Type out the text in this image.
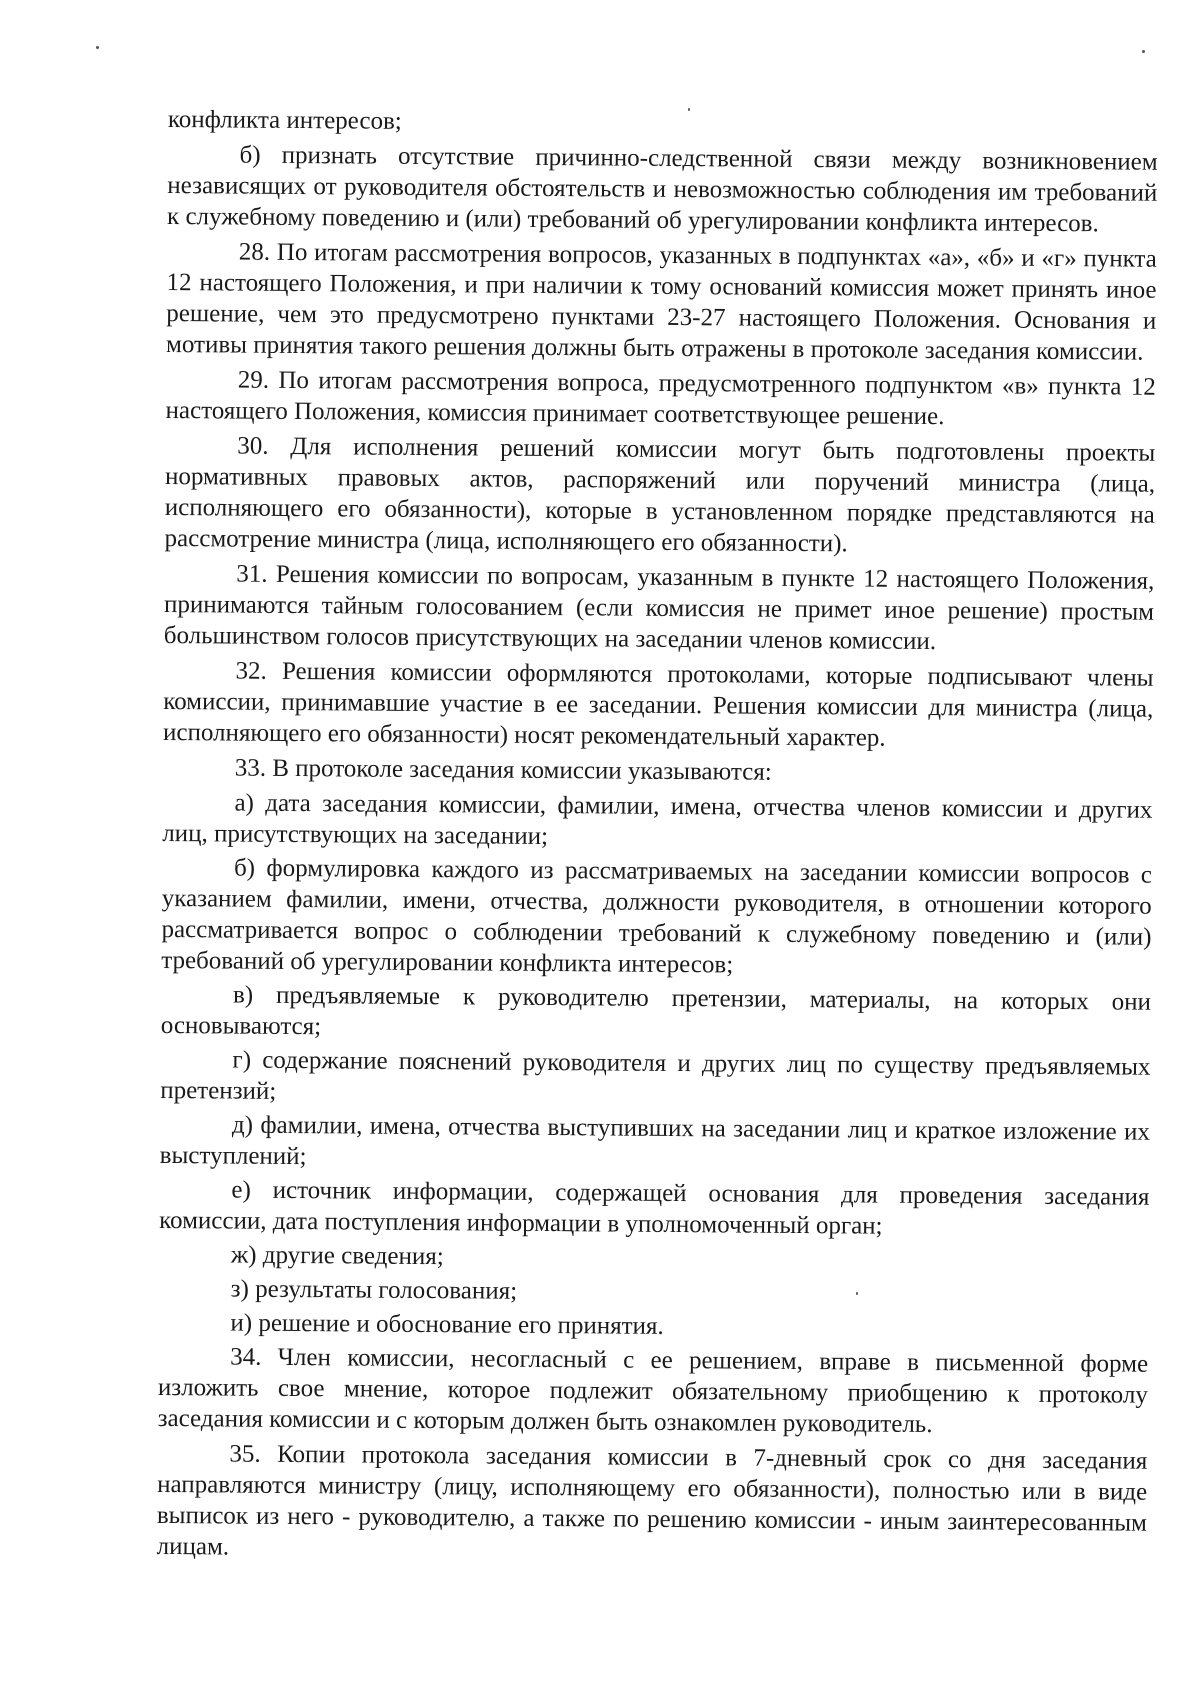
конфликта интересов;

б) признать отсутствие причинно-следственной связи между возникновением независящих от руководителя обстоятельств и невозможностью соблюдения им требований к служебному поведению и (или) требований об урегулировании конфликта интересов.

28. По итогам рассмотрения вопросов, указанных в подпунктах «а», «б» и «г» пункта 12 настоящего Положения, и при наличии к тому оснований комиссия может принять иное решение, чем это предусмотрено пунктами 23-27 настоящего Положения. Основания и мотивы принятия такого решения должны быть отражены в протоколе заседания комиссии.

29. По итогам рассмотрения вопроса, предусмотренного подпунктом «в» пункта 12 настоящего Положения, комиссия принимает соответствующее решение.

30. Для исполнения решений комиссии могут быть подготовлены проекты нормативных правовых актов, распоряжений или поручений министра (лица, исполняющего его обязанности), которые в установленном порядке представляются на рассмотрение министра (лица, исполняющего его обязанности).

31. Решения комиссии по вопросам, указанным в пункте 12 настоящего Положения, принимаются тайным голосованием (если комиссия не примет иное решение) простым большинством голосов присутствующих на заседании членов комиссии.

32. Решения комиссии оформляются протоколами, которые подписывают члены комиссии, принимавшие участие в ее заседании. Решения комиссии для министра (лица, исполняющего его обязанности) носят рекомендательный характер.

33. В протоколе заседания комиссии указываются:

а) дата заседания комиссии, фамилии, имена, отчества членов комиссии и других лиц, присутствующих на заседании;

б) формулировка каждого из рассматриваемых на заседании комиссии вопросов с указанием фамилии, имени, отчества, должности руководителя, в отношении которого рассматривается вопрос о соблюдении требований к служебному поведению и (или) требований об урегулировании конфликта интересов;

в) предъявляемые к руководителю претензии, материалы, на которых они основываются;

г) содержание пояснений руководителя и других лиц по существу предъявляемых претензий;

д) фамилии, имена, отчества выступивших на заседании лиц и краткое изложение их выступлений;

е) источник информации, содержащей основания для проведения заседания комиссии, дата поступления информации в уполномоченный орган;

ж) другие сведения;

з) результаты голосования;

и) решение и обоснование его принятия.

34. Член комиссии, несогласный с ее решением, вправе в письменной форме изложить свое мнение, которое подлежит обязательному приобщению к протоколу заседания комиссии и с которым должен быть ознакомлен руководитель.

35. Копии протокола заседания комиссии в 7-дневный срок со дня заседания направляются министру (лицу, исполняющему его обязанности), полностью или в виде выписок из него - руководителю, а также по решению комиссии - иным заинтересованным лицам.
